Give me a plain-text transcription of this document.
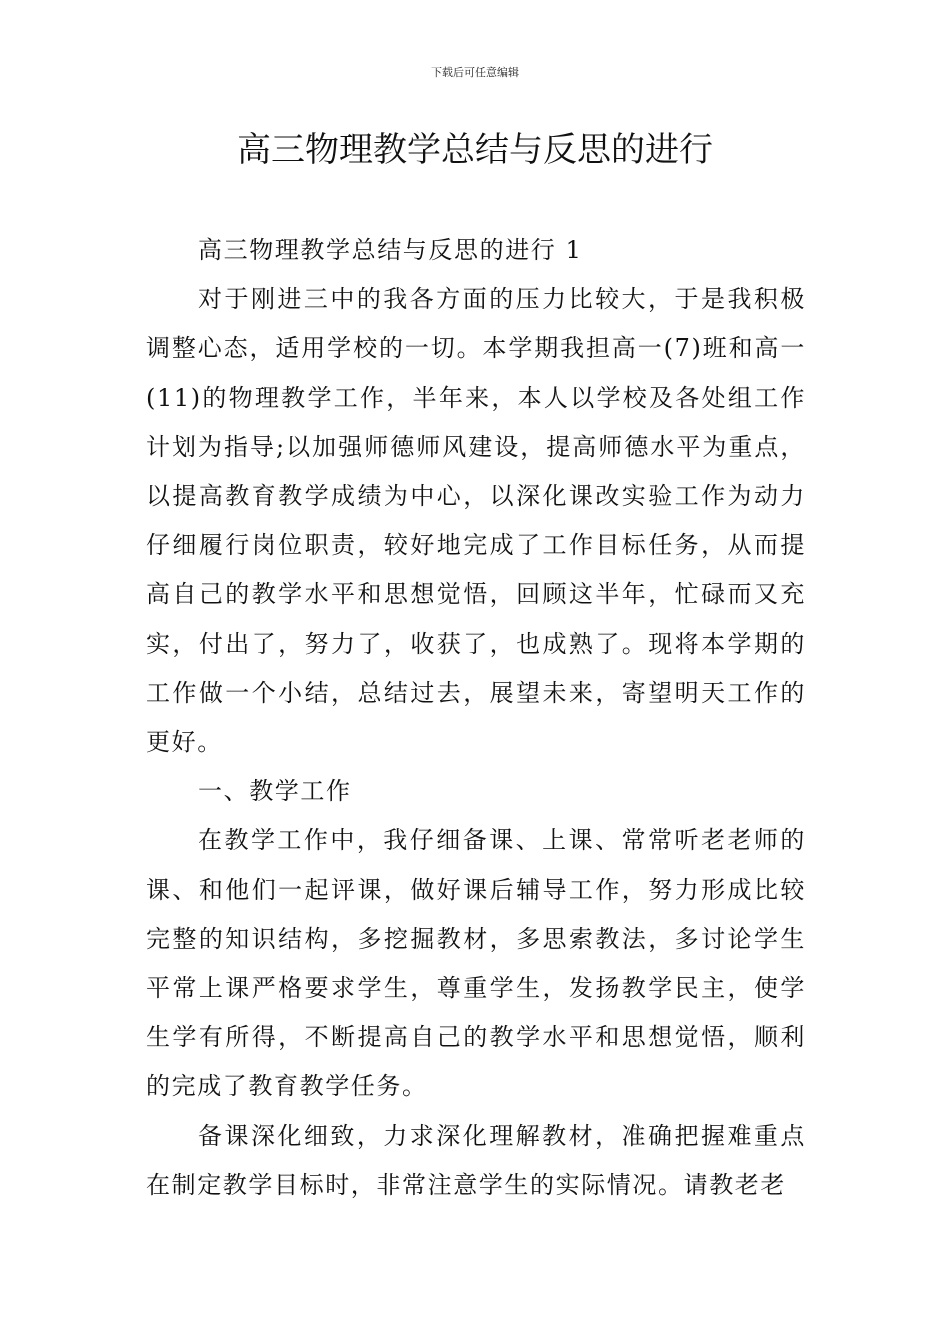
下载后可任意编辑
高三物理教学总结与反思的进行

高三物理教学总结与反思的进行 1

对于刚进三中的我各方面的压力比较大，于是我积极调整心态，适用学校的一切。本学期我担高一(7)班和高一(11)的物理教学工作，半年来，本人以学校及各处组工作计划为指导;以加强师德师风建设，提高师德水平为重点，以提高教育教学成绩为中心，以深化课改实验工作为动力仔细履行岗位职责，较好地完成了工作目标任务，从而提高自己的教学水平和思想觉悟，回顾这半年，忙碌而又充实，付出了，努力了，收获了，也成熟了。现将本学期的工作做一个小结，总结过去，展望未来，寄望明天工作的更好。

一、教学工作

在教学工作中，我仔细备课、上课、常常听老老师的课、和他们一起评课，做好课后辅导工作，努力形成比较完整的知识结构，多挖掘教材，多思索教法，多讨论学生平常上课严格要求学生，尊重学生，发扬教学民主，使学生学有所得，不断提高自己的教学水平和思想觉悟，顺利的完成了教育教学任务。

备课深化细致，力求深化理解教材，准确把握难重点在制定教学目标时，非常注意学生的实际情况。请教老老
